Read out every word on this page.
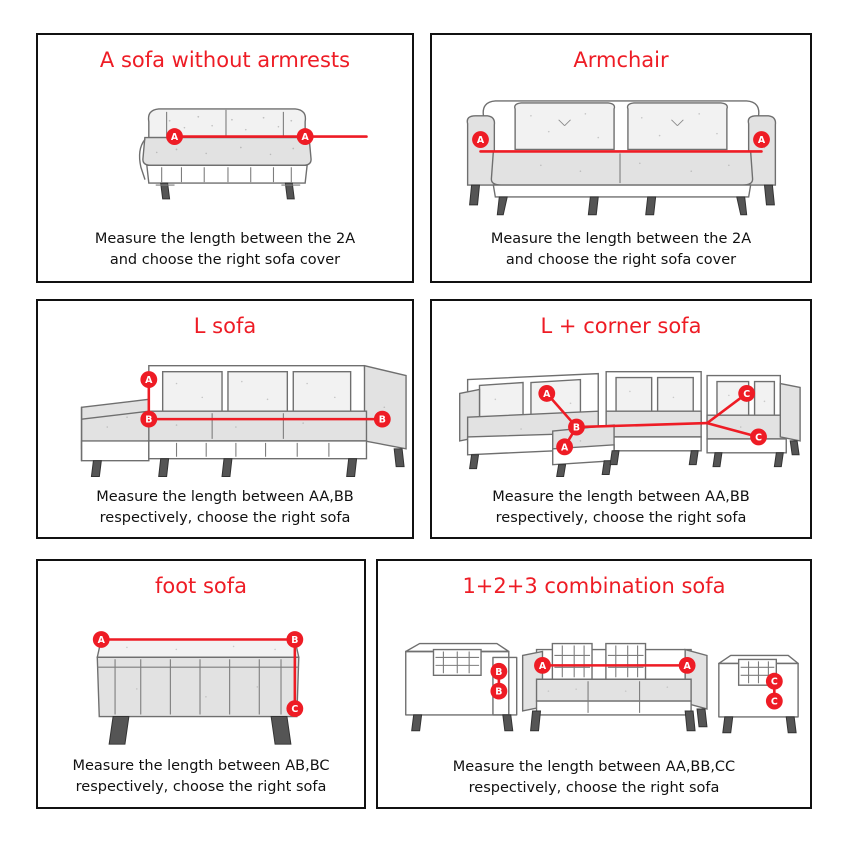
A sofa without armrests
A	A
Measure the length between the 2A
and choose the right sofa cover
Armchair
A	A
Measure the length between the 2A
and choose the right sofa cover
L sofa
A
B	B
Measure the length between AA,BB
respectively, choose the right sofa
L + corner sofa
A
B
A
C
C
Measure the length between AA,BB
respectively, choose the right sofa
foot sofa
A	B
C
Measure the length between AB,BC
respectively, choose the right sofa
1+2+3 combination sofa
B
B
A	A
C
C
Measure the length between AA,BB,CC
respectively, choose the right sofa
